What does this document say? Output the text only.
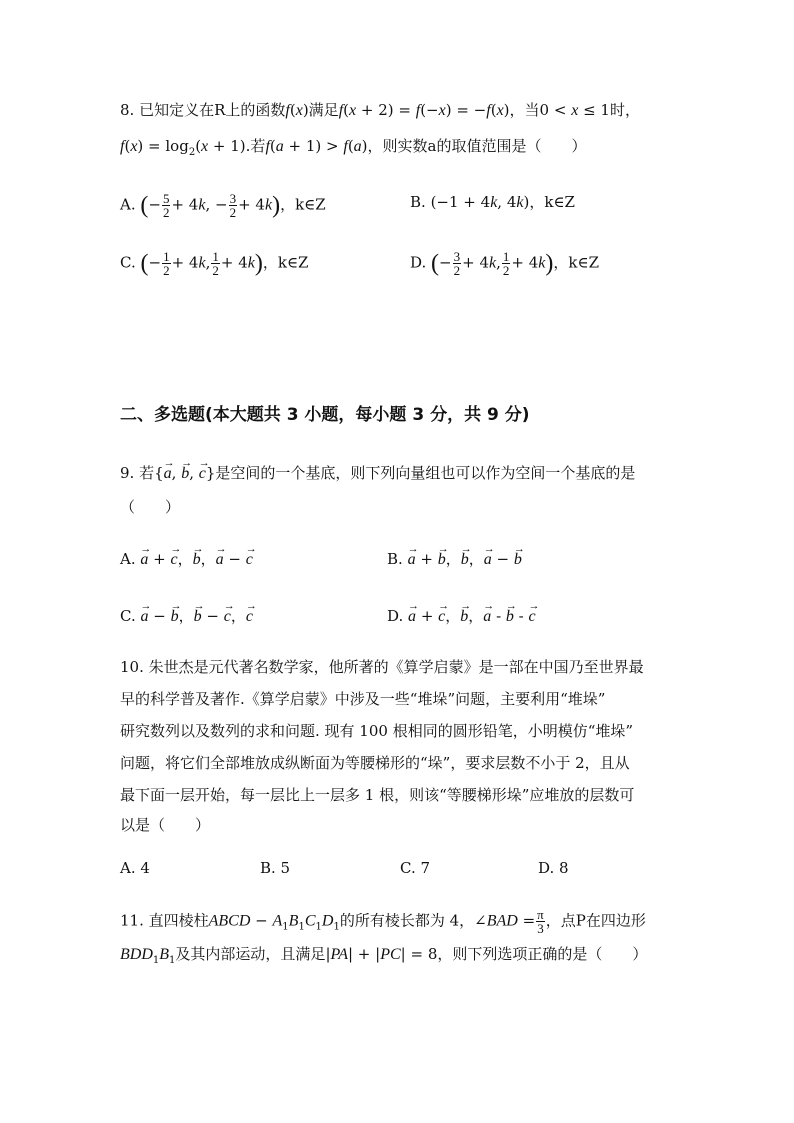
8. 已知定义在R上的函数f(x)满足f(x + 2) = f(−x) = −f(x)，当0 < x ≤ 1时，
$f(x) = \log_2(x + 1)$.若f(a + 1) > f(a)，则实数a的取值范围是（　　）
A. (− $\frac{5}{2} + 4k$, − $\frac{3}{2} + 4k$)，k∈Z	B. (−1 + 4k, 4k)，k∈Z
C. (− $\frac{1}{2} + 4k$, $\frac{1}{2} + 4k$)，k∈Z	D. (− $\frac{3}{2} + 4k$, $\frac{1}{2} + 4k$)，k∈Z
二、多选题(本大题共 3 小题，每小题 3 分，共 9 分)
9. 若{→ a, → b, → c}是空间的一个基底，则下列向量组也可以作为空间一个基底的是
（　　）
A. → a + → c，→ b，→ a − → c	B. → a + → b，→ b，→ a − → b
C. → a − → b，→ b − → c，→ c	D. → a + → c，→ b，→ a - → b - → c
10. 朱世杰是元代著名数学家，他所著的《算学启蒙》是一部在中国乃至世界最
早的科学普及著作.《算学启蒙》中涉及一些“堆垛”问题，主要利用“堆垛”
研究数列以及数列的求和问题. 现有 100 根相同的圆形铅笔，小明模仿“堆垛”
问题，将它们全部堆放成纵断面为等腰梯形的“垛”，要求层数不小于 2，且从
最下面一层开始，每一层比上一层多 1 根，则该“等腰梯形垛”应堆放的层数可
以是（　　）
A. 4	B. 5	C. 7	D. 8
11. 直四棱柱ABCD − $A_1B_1C_1D_1$的所有棱长都为 4，∠BAD = $\frac{\pi}{3}$ ，点P在四边形
$BDD_1B_1$及其内部运动，且满足|PA| + |PC| = 8，则下列选项正确的是（　　）
